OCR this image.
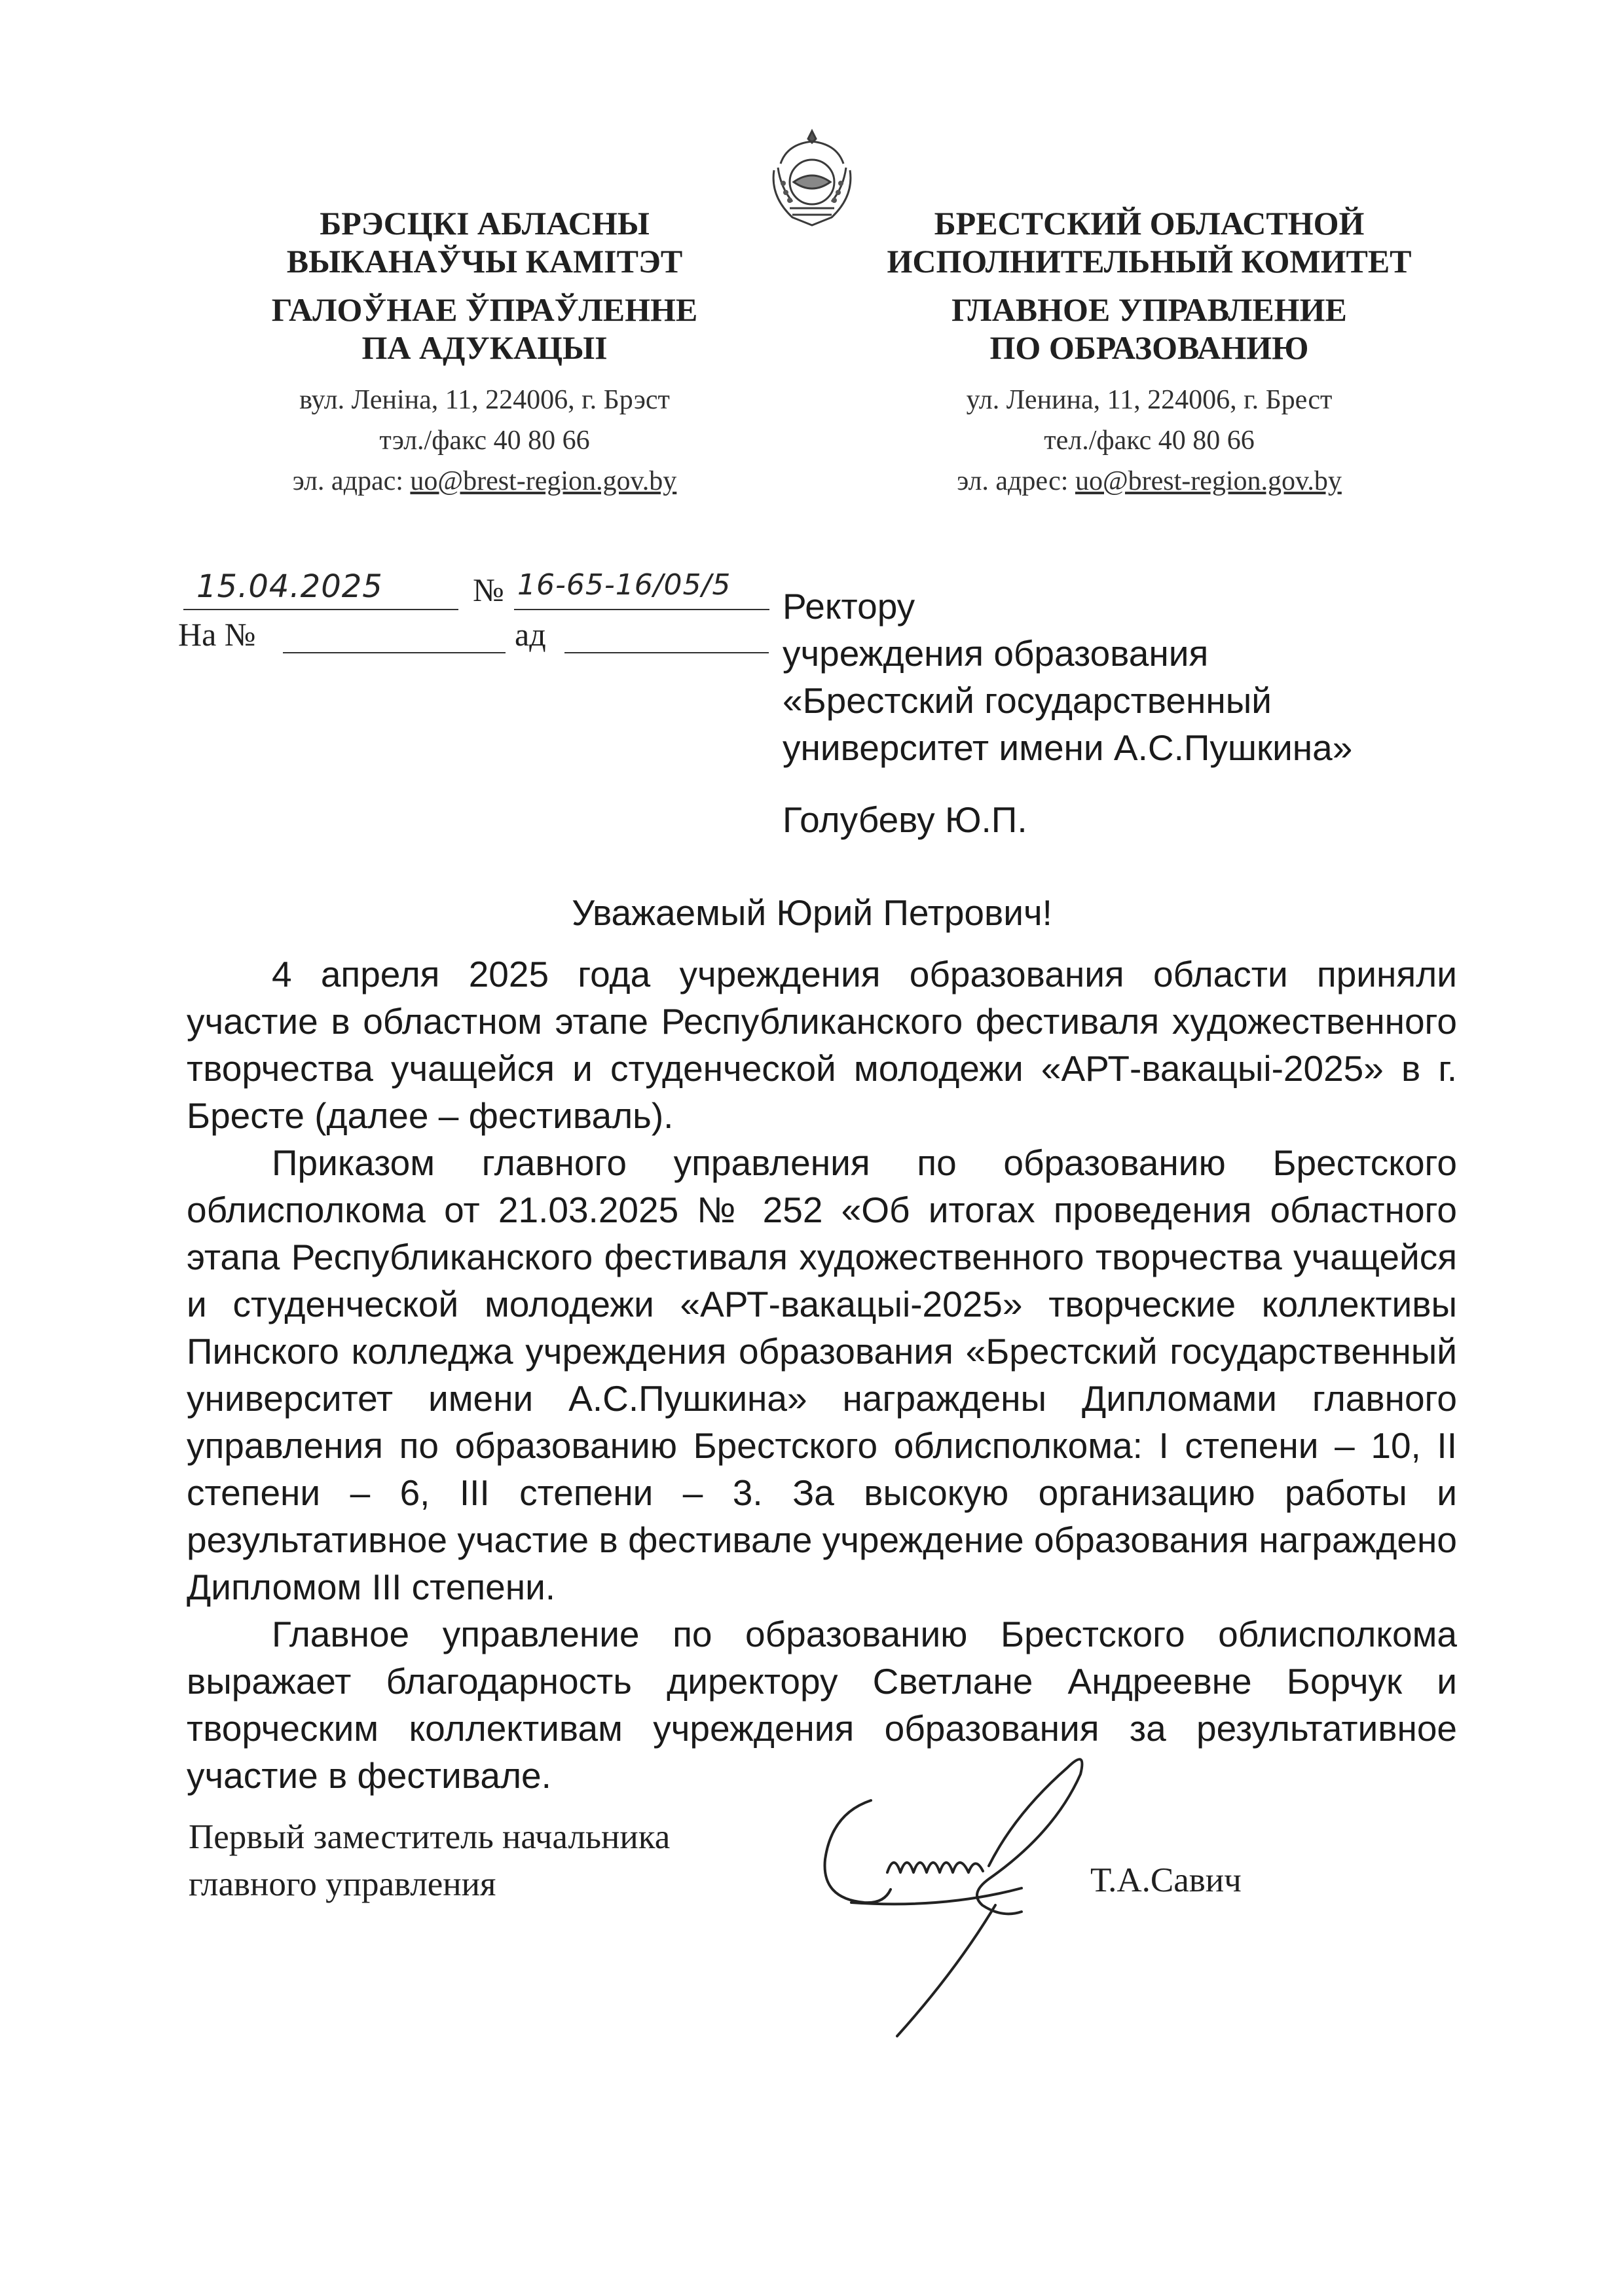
БРЭСЦКІ АБЛАСНЫ
ВЫКАНАЎЧЫ КАМІТЭТ
ГАЛОЎНАЕ ЎПРАЎЛЕННЕ
ПА АДУКАЦЫІ
вул. Леніна, 11, 224006, г. Брэст
тэл./факс 40 80 66
эл. адрас: uo@brest-region.gov.by
БРЕСТСКИЙ ОБЛАСТНОЙ
ИСПОЛНИТЕЛЬНЫЙ КОМИТЕТ
ГЛАВНОЕ УПРАВЛЕНИЕ
ПО ОБРАЗОВАНИЮ
ул. Ленина, 11, 224006, г. Брест
тел./факс 40 80 66
эл. адрес: uo@brest-region.gov.by
15.04.2025	№ 16-65-16/05/5
На №	ад
Ректору
учреждения образования
«Брестский государственный
университет имени А.С.Пушкина»
Голубеву Ю.П.
Уважаемый Юрий Петрович!

4 апреля 2025 года учреждения образования области приняли участие в областном этапе Республиканского фестиваля художественного творчества учащейся и студенческой молодежи «АРТ-вакацыі-2025» в г. Бресте (далее – фестиваль).

Приказом главного управления по образованию Брестского облисполкома от 21.03.2025 № 252 «Об итогах проведения областного этапа Республиканского фестиваля художественного творчества учащейся и студенческой молодежи «АРТ-вакацыі-2025» творческие коллективы Пинского колледжа учреждения образования «Брестский государственный университет имени А.С.Пушкина» награждены Дипломами главного управления по образованию Брестского облисполкома: I степени – 10, II степени – 6, III степени – 3. За высокую организацию работы и результативное участие в фестивале учреждение образования награждено Дипломом III степени.

Главное управление по образованию Брестского облисполкома выражает благодарность директору Светлане Андреевне Борчук и творческим коллективам учреждения образования за результативное участие в фестивале.

Первый заместитель начальника
главного управления	Т.А.Савич
